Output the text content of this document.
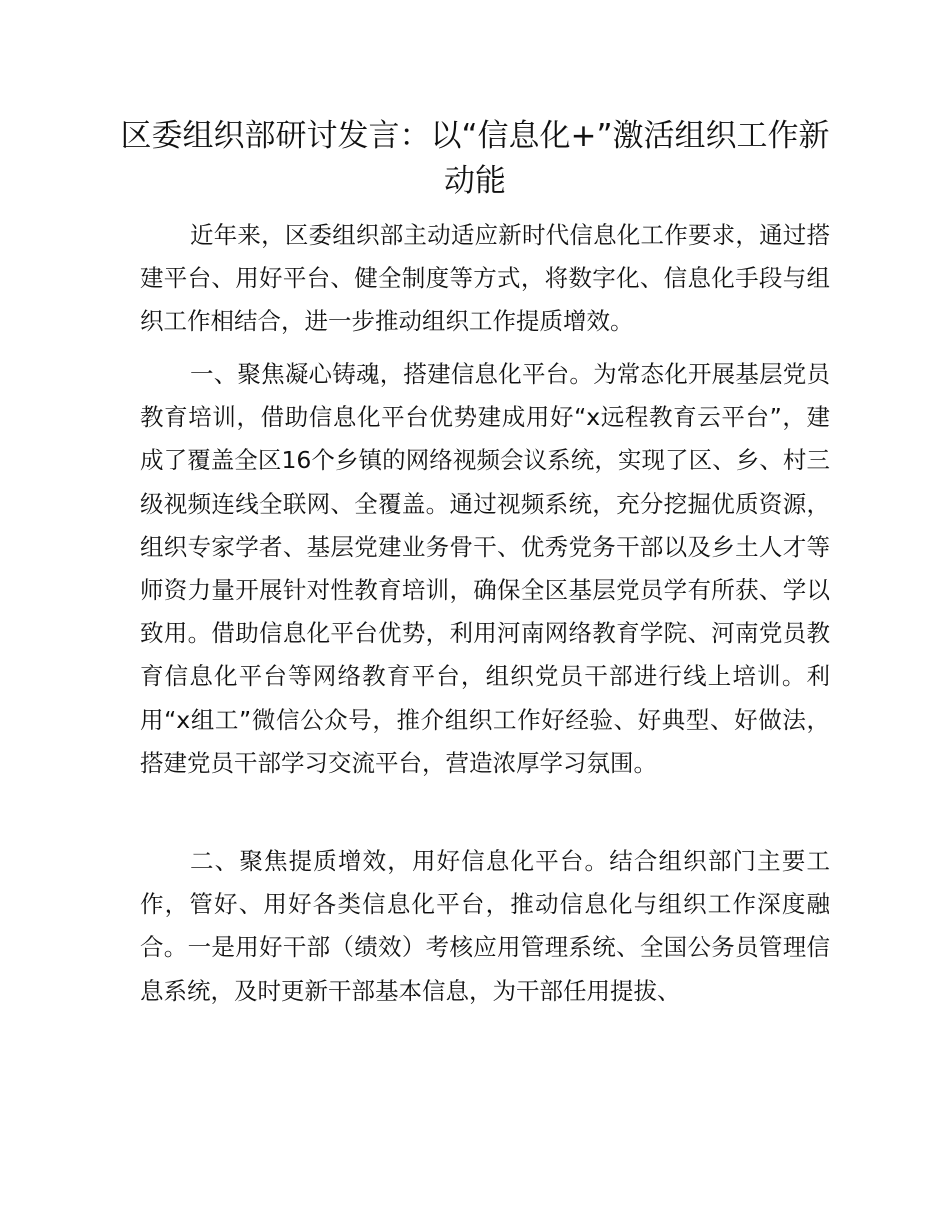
区委组织部研讨发言：以“信息化+”激活组织工作新动能

近年来，区委组织部主动适应新时代信息化工作要求，通过搭建平台、用好平台、健全制度等方式，将数字化、信息化手段与组织工作相结合，进一步推动组织工作提质增效。

一、聚焦凝心铸魂，搭建信息化平台。为常态化开展基层党员教育培训，借助信息化平台优势建成用好“x远程教育云平台”，建成了覆盖全区16个乡镇的网络视频会议系统，实现了区、乡、村三级视频连线全联网、全覆盖。通过视频系统，充分挖掘优质资源，组织专家学者、基层党建业务骨干、优秀党务干部以及乡土人才等师资力量开展针对性教育培训，确保全区基层党员学有所获、学以致用。借助信息化平台优势，利用河南网络教育学院、河南党员教育信息化平台等网络教育平台，组织党员干部进行线上培训。利用“x组工”微信公众号，推介组织工作好经验、好典型、好做法，搭建党员干部学习交流平台，营造浓厚学习氛围。

二、聚焦提质增效，用好信息化平台。结合组织部门主要工作，管好、用好各类信息化平台，推动信息化与组织工作深度融合。一是用好干部（绩效）考核应用管理系统、全国公务员管理信息系统，及时更新干部基本信息，为干部任用提拔、
